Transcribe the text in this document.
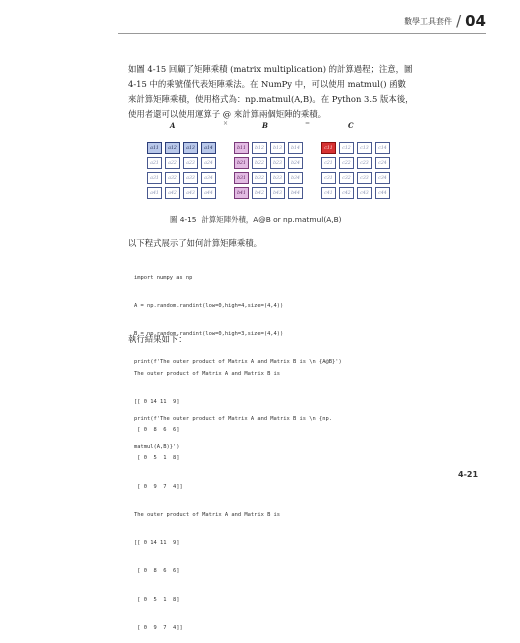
數學工具套件 / 04
如圖 4-15 回顧了矩陣乘積 (matrix multiplication) 的計算過程；注意，圖
4-15 中的乘號僅代表矩陣乘法。在 NumPy 中，可以使用 matmul() 函數
來計算矩陣乘積，使用格式為：np.matmul(A,B)。在 Python 3.5 版本後，
使用者還可以使用運算子 @ 來計算兩個矩陣的乘積。
A	×	B	=	C
a11	a12	a13	a14
a21	a22	a23	a24
a31	a32	a33	a34
a41	a42	a43	a44
b11	b12	b13	b14
b21	b22	b23	b24
b31	b32	b33	b34
b41	b42	b43	b44
c11	c12	c13	c14
c21	c22	c23	c24
c31	c32	c33	c34
c41	c42	c43	c44
圖 4-15 計算矩陣外積，A@B or np.matmul(A,B)
以下程式展示了如何計算矩陣乘積。

import numpy as np

A = np.random.randint(low=0,high=4,size=(4,4))

B = np.random.randint(low=0,high=3,size=(4,4))

print(f'The outer product of Matrix A and Matrix B is \n {A@B}')

print(f'The outer product of Matrix A and Matrix B is \n {np.

matmul(A,B)}')

執行結果如下：

The outer product of Matrix A and Matrix B is

[[ 0 14 11  9]

[ 0  8  6  6]

[ 0  5  1  8]

[ 0  9  7  4]]

The outer product of Matrix A and Matrix B is

[[ 0 14 11  9]

[ 0  8  6  6]

[ 0  5  1  8]

[ 0  9  7  4]]

4-21
